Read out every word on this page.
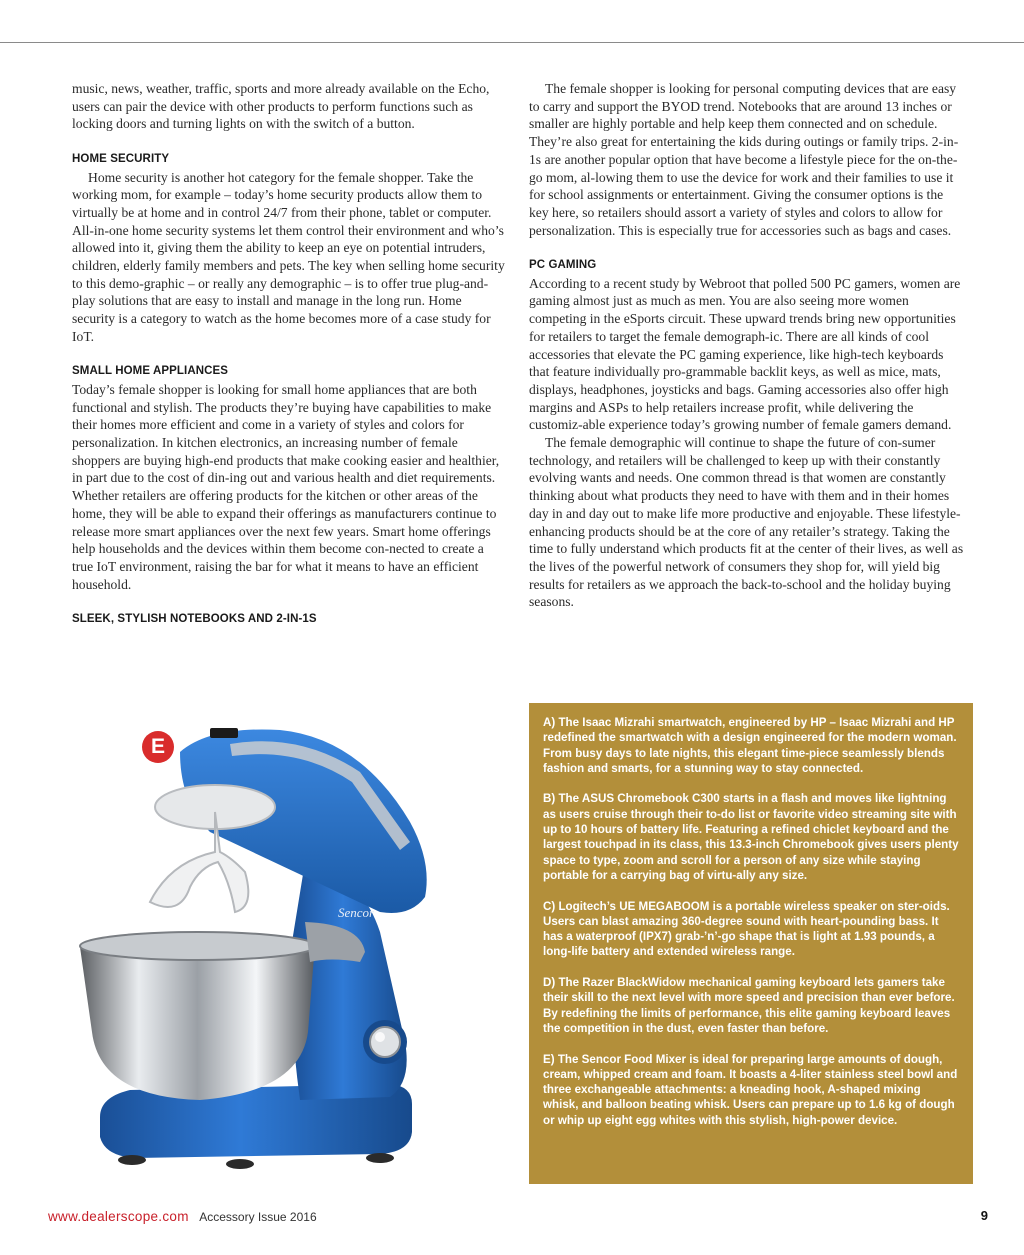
music, news, weather, traffic, sports and more already available on the Echo, users can pair the device with other products to perform functions such as locking doors and turning lights on with the switch of a button.

HOME SECURITY

Home security is another hot category for the female shopper. Take the working mom, for example – today’s home security products allow them to virtually be at home and in control 24/7 from their phone, tablet or computer. All-in-one home security systems let them control their environment and who’s allowed into it, giving them the ability to keep an eye on potential intruders, children, elderly family members and pets. The key when selling home security to this demo-graphic – or really any demographic – is to offer true plug-and-play solutions that are easy to install and manage in the long run. Home security is a category to watch as the home becomes more of a case study for IoT.

SMALL HOME APPLIANCES

Today’s female shopper is looking for small home appliances that are both functional and stylish. The products they’re buying have capabilities to make their homes more efficient and come in a variety of styles and colors for personalization. In kitchen electronics, an increasing number of female shoppers are buying high-end products that make cooking easier and healthier, in part due to the cost of din-ing out and various health and diet requirements. Whether retailers are offering products for the kitchen or other areas of the home, they will be able to expand their offerings as manufacturers continue to release more smart appliances over the next few years. Smart home offerings help households and the devices within them become con-nected to create a true IoT environment, raising the bar for what it means to have an efficient household.

SLEEK, STYLISH NOTEBOOKS AND 2-IN-1S

The female shopper is looking for personal computing devices that are easy to carry and support the BYOD trend. Notebooks that are around 13 inches or smaller are highly portable and help keep them connected and on schedule. They’re also great for entertaining the kids during outings or family trips. 2-in-1s are another popular option that have become a lifestyle piece for the on-the-go mom, al-lowing them to use the device for work and their families to use it for school assignments or entertainment. Giving the consumer options is the key here, so retailers should assort a variety of styles and colors to allow for personalization. This is especially true for accessories such as bags and cases.

PC GAMING

According to a recent study by Webroot that polled 500 PC gamers, women are gaming almost just as much as men. You are also seeing more women competing in the eSports circuit. These upward trends bring new opportunities for retailers to target the female demograph-ic. There are all kinds of cool accessories that elevate the PC gaming experience, like high-tech keyboards that feature individually pro-grammable backlit keys, as well as mice, mats, displays, headphones, joysticks and bags. Gaming accessories also offer high margins and ASPs to help retailers increase profit, while delivering the customiz-able experience today’s growing number of female gamers demand.

The female demographic will continue to shape the future of con-sumer technology, and retailers will be challenged to keep up with their constantly evolving wants and needs. One common thread is that women are constantly thinking about what products they need to have with them and in their homes day in and day out to make life more productive and enjoyable. These lifestyle-enhancing products should be at the core of any retailer’s strategy. Taking the time to fully understand which products fit at the center of their lives, as well as the lives of the powerful network of consumers they shop for, will yield big results for retailers as we approach the back-to-school and the holiday buying seasons.

Sencor
E

A) The Isaac Mizrahi smartwatch, engineered by HP – Isaac Mizrahi and HP redefined the smartwatch with a design engineered for the modern woman. From busy days to late nights, this elegant time-piece seamlessly blends fashion and smarts, for a stunning way to stay connected.

B) The ASUS Chromebook C300 starts in a flash and moves like lightning as users cruise through their to-do list or favorite video streaming site with up to 10 hours of battery life. Featuring a refined chiclet keyboard and the largest touchpad in its class, this 13.3-inch Chromebook gives users plenty space to type, zoom and scroll for a person of any size while staying portable for a carrying bag of virtu-ally any size.

C) Logitech’s UE MEGABOOM is a portable wireless speaker on ster-oids. Users can blast amazing 360-degree sound with heart-pounding bass. It has a waterproof (IPX7) grab-’n’-go shape that is light at 1.93 pounds, a long-life battery and extended wireless range.

D) The Razer BlackWidow mechanical gaming keyboard lets gamers take their skill to the next level with more speed and precision than ever before. By redefining the limits of performance, this elite gaming keyboard leaves the competition in the dust, even faster than before.

E) The Sencor Food Mixer is ideal for preparing large amounts of dough, cream, whipped cream and foam. It boasts a 4-liter stainless steel bowl and three exchangeable attachments: a kneading hook, A-shaped mixing whisk, and balloon beating whisk. Users can prepare up to 1.6 kg of dough or whip up eight egg whites with this stylish, high-power device.

www.dealerscope.com Accessory Issue 2016	9
